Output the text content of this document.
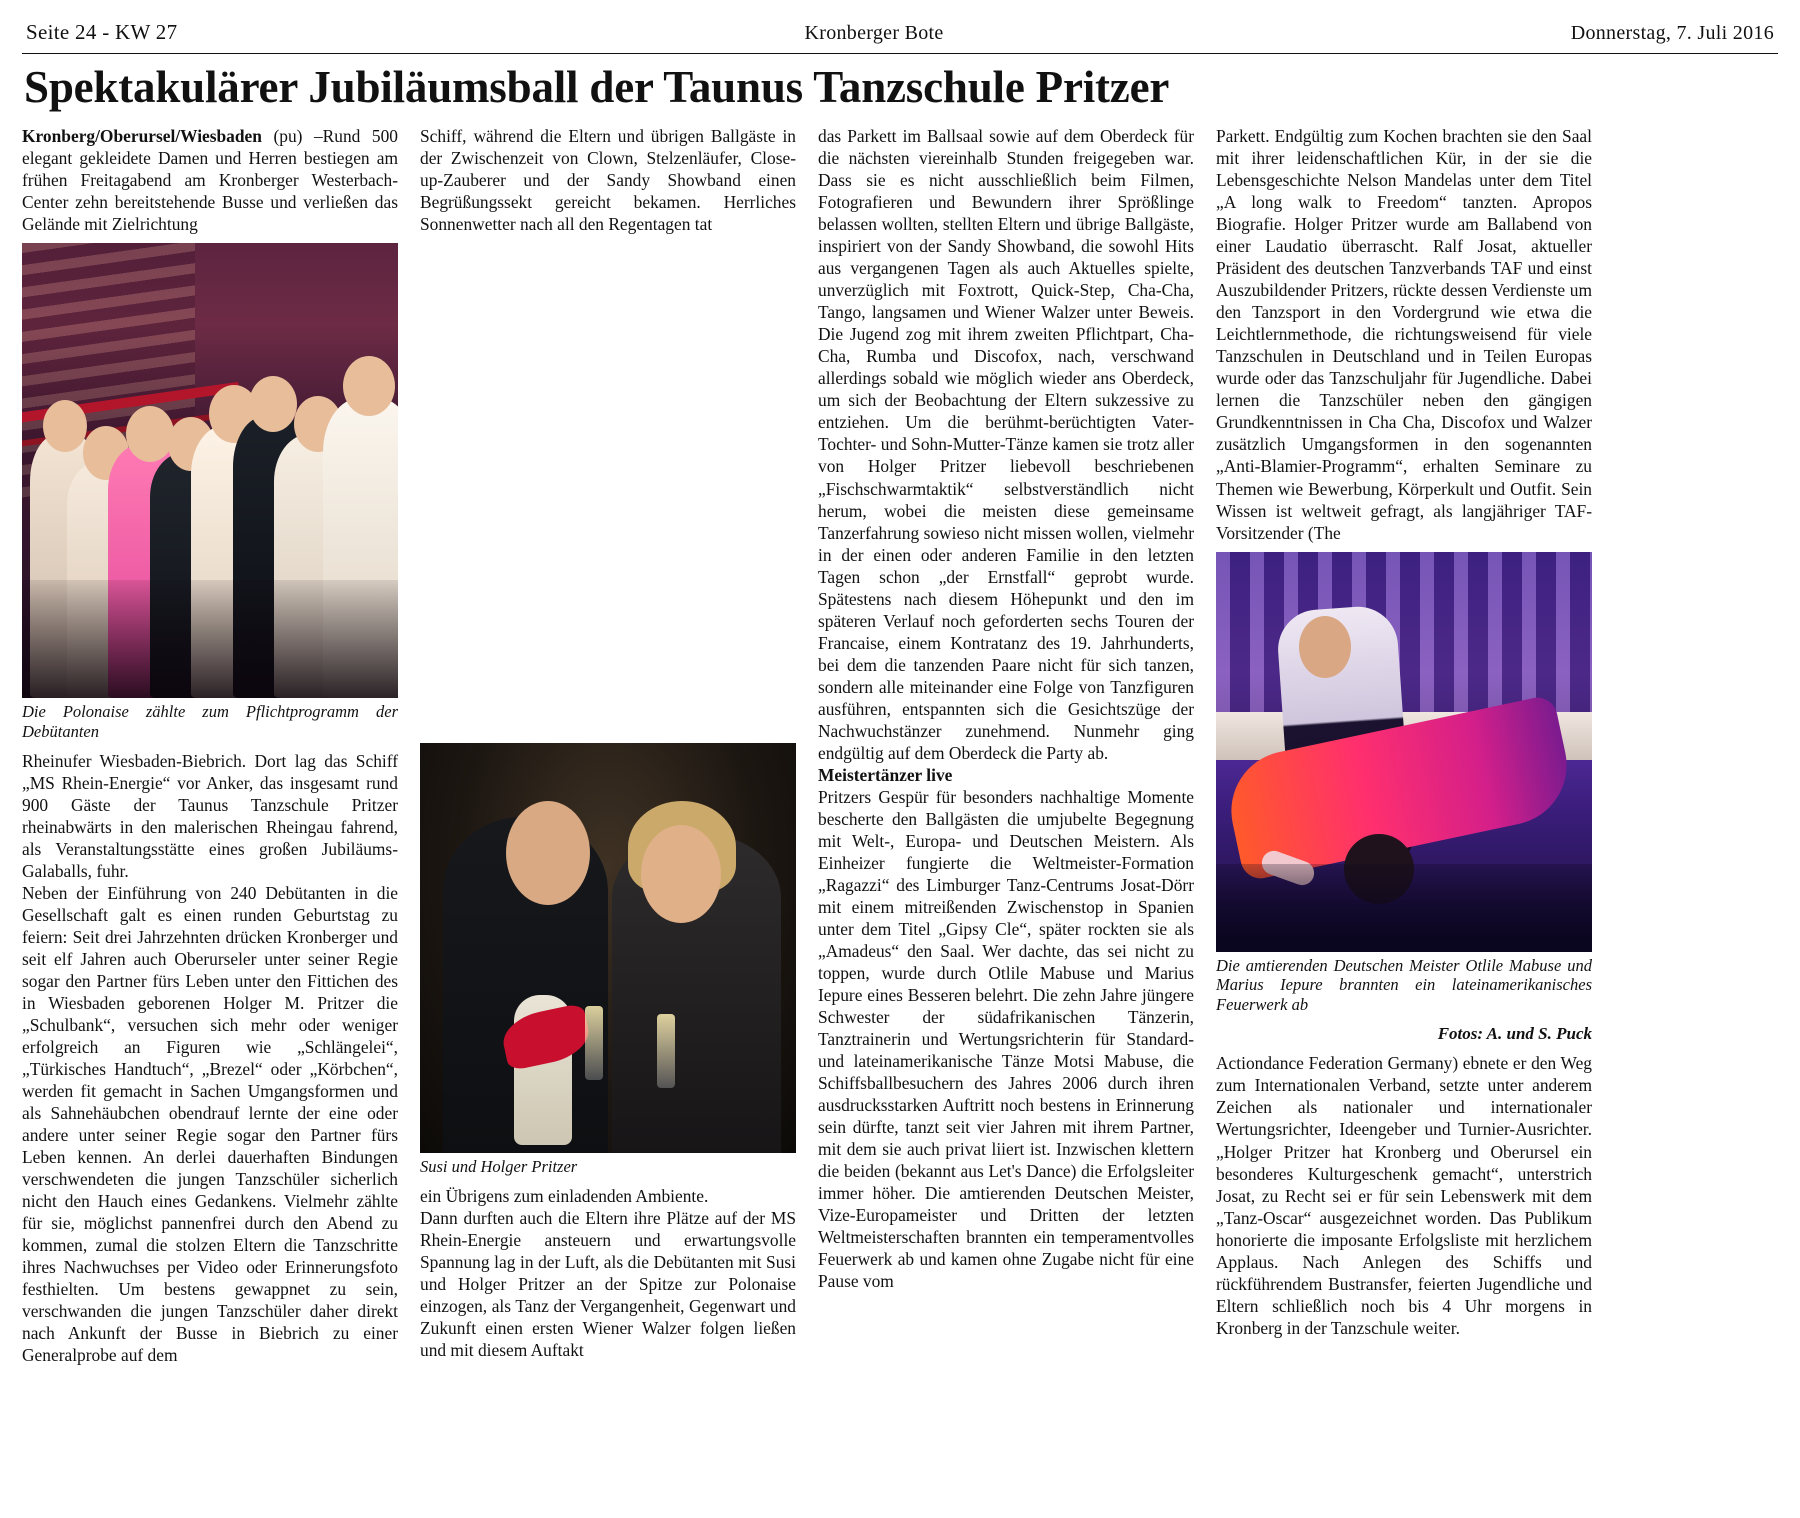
Seite 24 - KW 27	Kronberger Bote	Donnerstag, 7. Juli 2016
Spektakulärer Jubiläumsball der Taunus Tanzschule Pritzer

Kronberg/Oberursel/Wiesbaden (pu) –Rund 500 elegant gekleidete Damen und Herren bestiegen am frühen Freitagabend am Kronberger Westerbach-Center zehn bereitstehende Busse und verließen das Gelände mit Zielrichtung

Die Polonaise zählte zum Pflichtprogramm der Debütanten

Rheinufer Wiesbaden-Biebrich. Dort lag das Schiff „MS Rhein-Energie“ vor Anker, das insgesamt rund 900 Gäste der Taunus Tanzschule Pritzer rheinabwärts in den malerischen Rheingau fahrend, als Veranstaltungsstätte eines großen Jubiläums-Galaballs, fuhr.

Neben der Einführung von 240 Debütanten in die Gesellschaft galt es einen runden Geburtstag zu feiern: Seit drei Jahrzehnten drücken Kronberger und seit elf Jahren auch Oberurseler unter seiner Regie sogar den Partner fürs Leben unter den Fittichen des in Wiesbaden geborenen Holger M. Pritzer die „Schulbank“, versuchen sich mehr oder weniger erfolgreich an Figuren wie „Schlängelei“, „Türkisches Handtuch“, „Brezel“ oder „Körbchen“, werden fit gemacht in Sachen Umgangsformen und als Sahnehäubchen obendrauf lernte der eine oder andere unter seiner Regie sogar den Partner fürs Leben kennen. An derlei dauerhaften Bindungen verschwendeten die jungen Tanzschüler sicherlich nicht den Hauch eines Gedankens. Vielmehr zählte für sie, möglichst pannenfrei durch den Abend zu kommen, zumal die stolzen Eltern die Tanzschritte ihres Nachwuchses per Video oder Erinnerungsfoto festhielten. Um bestens gewappnet zu sein, verschwanden die jungen Tanzschüler daher direkt nach Ankunft der Busse in Biebrich zu einer Generalprobe auf dem

Schiff, während die Eltern und übrigen Ballgäste in der Zwischenzeit von Clown, Stelzenläufer, Close-up-Zauberer und der Sandy Showband einen Begrüßungssekt gereicht bekamen. Herrliches Sonnenwetter nach all den Regentagen tat

Susi und Holger Pritzer

ein Übrigens zum einladenden Ambiente.

Dann durften auch die Eltern ihre Plätze auf der MS Rhein-Energie ansteuern und erwartungsvolle Spannung lag in der Luft, als die Debütanten mit Susi und Holger Pritzer an der Spitze zur Polonaise einzogen, als Tanz der Vergangenheit, Gegenwart und Zukunft einen ersten Wiener Walzer folgen ließen und mit diesem Auftakt

das Parkett im Ballsaal sowie auf dem Oberdeck für die nächsten viereinhalb Stunden freigegeben war. Dass sie es nicht ausschließlich beim Filmen, Fotografieren und Bewundern ihrer Sprößlinge belassen wollten, stellten Eltern und übrige Ballgäste, inspiriert von der Sandy Showband, die sowohl Hits aus vergangenen Tagen als auch Aktuelles spielte, unverzüglich mit Foxtrott, Quick-Step, Cha-Cha, Tango, langsamen und Wiener Walzer unter Beweis. Die Jugend zog mit ihrem zweiten Pflichtpart, Cha-Cha, Rumba und Discofox, nach, verschwand allerdings sobald wie möglich wieder ans Oberdeck, um sich der Beobachtung der Eltern sukzessive zu entziehen. Um die berühmt-berüchtigten Vater-Tochter- und Sohn-Mutter-Tänze kamen sie trotz aller von Holger Pritzer liebevoll beschriebenen „Fischschwarmtaktik“ selbstverständlich nicht herum, wobei die meisten diese gemeinsame Tanzerfahrung sowieso nicht missen wollen, vielmehr in der einen oder anderen Familie in den letzten Tagen schon „der Ernstfall“ geprobt wurde. Spätestens nach diesem Höhepunkt und den im späteren Verlauf noch geforderten sechs Touren der Francaise, einem Kontratanz des 19. Jahrhunderts, bei dem die tanzenden Paare nicht für sich tanzen, sondern alle miteinander eine Folge von Tanzfiguren ausführen, entspannten sich die Gesichtszüge der Nachwuchstänzer zunehmend. Nunmehr ging endgültig auf dem Oberdeck die Party ab.

Meistertänzer live

Pritzers Gespür für besonders nachhaltige Momente bescherte den Ballgästen die umjubelte Begegnung mit Welt-, Europa- und Deutschen Meistern. Als Einheizer fungierte die Weltmeister-Formation „Ragazzi“ des Limburger Tanz-Centrums Josat-Dörr mit einem mitreißenden Zwischenstop in Spanien unter dem Titel „Gipsy Cle“, später rockten sie als „Amadeus“ den Saal. Wer dachte, das sei nicht zu toppen, wurde durch Otlile Mabuse und Marius Iepure eines Besseren belehrt. Die zehn Jahre jüngere Schwester der südafrikanischen Tänzerin, Tanztrainerin und Wertungsrichterin für Standard- und lateinamerikanische Tänze Motsi Mabuse, die Schiffsballbesuchern des Jahres 2006 durch ihren ausdrucksstarken Auftritt noch bestens in Erinnerung sein dürfte, tanzt seit vier Jahren mit ihrem Partner, mit dem sie auch privat liiert ist. Inzwischen klettern die beiden (bekannt aus Let's Dance) die Erfolgsleiter immer höher. Die amtierenden Deutschen Meister, Vize-Europameister und Dritten der letzten Weltmeisterschaften brannten ein temperamentvolles Feuerwerk ab und kamen ohne Zugabe nicht für eine Pause vom

Parkett. Endgültig zum Kochen brachten sie den Saal mit ihrer leidenschaftlichen Kür, in der sie die Lebensgeschichte Nelson Mandelas unter dem Titel „A long walk to Freedom“ tanzten. Apropos Biografie. Holger Pritzer wurde am Ballabend von einer Laudatio überrascht. Ralf Josat, aktueller Präsident des deutschen Tanzverbands TAF und einst Auszubildender Pritzers, rückte dessen Verdienste um den Tanzsport in den Vordergrund wie etwa die Leichtlernmethode, die richtungsweisend für viele Tanzschulen in Deutschland und in Teilen Europas wurde oder das Tanzschuljahr für Jugendliche. Dabei lernen die Tanzschüler neben den gängigen Grundkenntnissen in Cha Cha, Discofox und Walzer zusätzlich Umgangsformen in den sogenannten „Anti-Blamier-Programm“, erhalten Seminare zu Themen wie Bewerbung, Körperkult und Outfit. Sein Wissen ist weltweit gefragt, als langjähriger TAF-Vorsitzender (The

Die amtierenden Deutschen Meister Otlile Mabuse und Marius Iepure brannten ein lateinamerikanisches Feuerwerk ab
Fotos: A. und S. Puck

Actiondance Federation Germany) ebnete er den Weg zum Internationalen Verband, setzte unter anderem Zeichen als nationaler und internationaler Wertungsrichter, Ideengeber und Turnier-Ausrichter. „Holger Pritzer hat Kronberg und Oberursel ein besonderes Kulturgeschenk gemacht“, unterstrich Josat, zu Recht sei er für sein Lebenswerk mit dem „Tanz-Oscar“ ausgezeichnet worden. Das Publikum honorierte die imposante Erfolgsliste mit herzlichem Applaus. Nach Anlegen des Schiffs und rückführendem Bustransfer, feierten Jugendliche und Eltern schließlich noch bis 4 Uhr morgens in Kronberg in der Tanzschule weiter.
